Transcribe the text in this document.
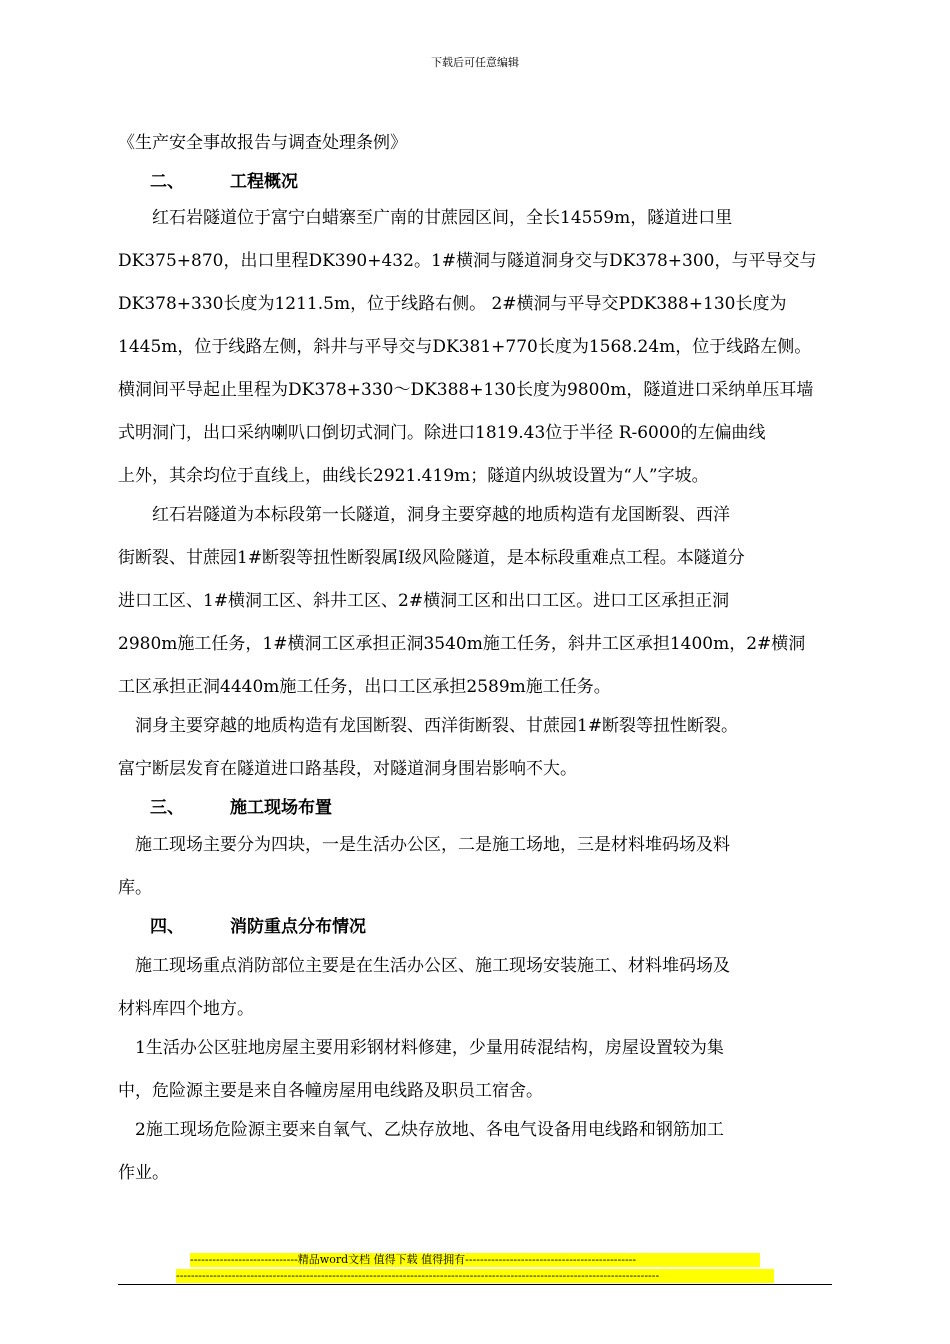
下载后可任意编辑
《生产安全事故报告与调查处理条例》
二、	工程概况
　　红石岩隧道位于富宁白蜡寨至广南的甘蔗园区间，全长14559m，隧道进口里
DK375+870，出口里程DK390+432。1#横洞与隧道洞身交与DK378+300，与平导交与
DK378+330长度为1211.5m，位于线路右侧。 2#横洞与平导交PDK388+130长度为
1445m，位于线路左侧，斜井与平导交与DK381+770长度为1568.24m，位于线路左侧。
横洞间平导起止里程为DK378+330～DK388+130长度为9800m，隧道进口采纳单压耳墙
式明洞门，出口采纳喇叭口倒切式洞门。除进口1819.43位于半径 R-6000的左偏曲线
上外，其余均位于直线上，曲线长2921.419m；隧道内纵坡设置为“人”字坡。
　　红石岩隧道为本标段第一长隧道，洞身主要穿越的地质构造有龙国断裂、西洋
街断裂、甘蔗园1#断裂等扭性断裂属Ⅰ级风险隧道，是本标段重难点工程。本隧道分
进口工区、1#横洞工区、斜井工区、2#横洞工区和出口工区。进口工区承担正洞
2980m施工任务，1#横洞工区承担正洞3540m施工任务，斜井工区承担1400m，2#横洞
工区承担正洞4440m施工任务，出口工区承担2589m施工任务。
　洞身主要穿越的地质构造有龙国断裂、西洋街断裂、甘蔗园1#断裂等扭性断裂。
富宁断层发育在隧道进口路基段，对隧道洞身围岩影响不大。
三、	施工现场布置
　施工现场主要分为四块，一是生活办公区，二是施工场地，三是材料堆码场及料
库。
四、	消防重点分布情况
　施工现场重点消防部位主要是在生活办公区、施工现场安装施工、材料堆码场及
材料库四个地方。
　1生活办公区驻地房屋主要用彩钢材料修建，少量用砖混结构，房屋设置较为集
中，危险源主要是来自各幢房屋用电线路及职员工宿舍。
　2施工现场危险源主要来自氧气、乙炔存放地、各电气设备用电线路和钢筋加工
作业。
-----------------------------精品word文档 值得下载 值得拥有----------------------------------------------
----------------------------------------------------------------------------------------------------------------------------------
